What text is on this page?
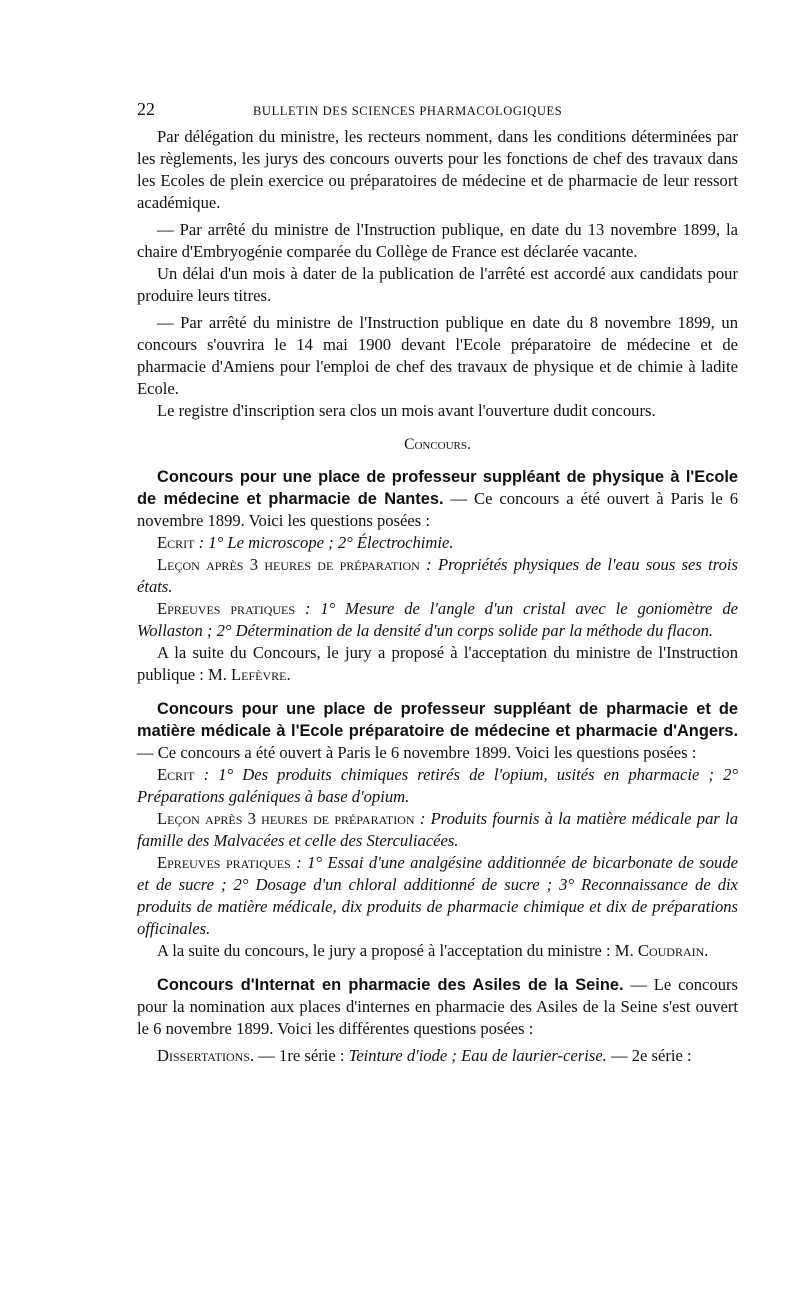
22	BULLETIN DES SCIENCES PHARMACOLOGIQUES

Par délégation du ministre, les recteurs nomment, dans les conditions déterminées par les règlements, les jurys des concours ouverts pour les fonctions de chef des travaux dans les Ecoles de plein exercice ou préparatoires de médecine et de pharmacie de leur ressort académique.

— Par arrêté du ministre de l'Instruction publique, en date du 13 novembre 1899, la chaire d'Embryogénie comparée du Collège de France est déclarée vacante.

Un délai d'un mois à dater de la publication de l'arrêté est accordé aux candidats pour produire leurs titres.

— Par arrêté du ministre de l'Instruction publique en date du 8 novembre 1899, un concours s'ouvrira le 14 mai 1900 devant l'Ecole préparatoire de médecine et de pharmacie d'Amiens pour l'emploi de chef des travaux de physique et de chimie à ladite Ecole.

Le registre d'inscription sera clos un mois avant l'ouverture dudit concours.

Concours.

Concours pour une place de professeur suppléant de physique à l'Ecole de médecine et pharmacie de Nantes. — Ce concours a été ouvert à Paris le 6 novembre 1899. Voici les questions posées :

Ecrit : 1° Le microscope ; 2° Électrochimie.

Leçon après 3 heures de préparation : Propriétés physiques de l'eau sous ses trois états.

Epreuves pratiques : 1° Mesure de l'angle d'un cristal avec le goniomètre de Wollaston ; 2° Détermination de la densité d'un corps solide par la méthode du flacon.

A la suite du Concours, le jury a proposé à l'acceptation du ministre de l'Instruction publique : M. Lefèvre.

Concours pour une place de professeur suppléant de pharmacie et de matière médicale à l'Ecole préparatoire de médecine et pharmacie d'Angers. — Ce concours a été ouvert à Paris le 6 novembre 1899. Voici les questions posées :

Ecrit : 1° Des produits chimiques retirés de l'opium, usités en pharmacie ; 2° Préparations galéniques à base d'opium.

Leçon après 3 heures de préparation : Produits fournis à la matière médicale par la famille des Malvacées et celle des Sterculiacées.

Epreuves pratiques : 1° Essai d'une analgésine additionnée de bicarbonate de soude et de sucre ; 2° Dosage d'un chloral additionné de sucre ; 3° Reconnaissance de dix produits de matière médicale, dix produits de pharmacie chimique et dix de préparations officinales.

A la suite du concours, le jury a proposé à l'acceptation du ministre : M. Coudrain.

Concours d'Internat en pharmacie des Asiles de la Seine. — Le concours pour la nomination aux places d'internes en pharmacie des Asiles de la Seine s'est ouvert le 6 novembre 1899. Voici les différentes questions posées :

Dissertations. — 1re série : Teinture d'iode ; Eau de laurier-cerise. — 2e série :
